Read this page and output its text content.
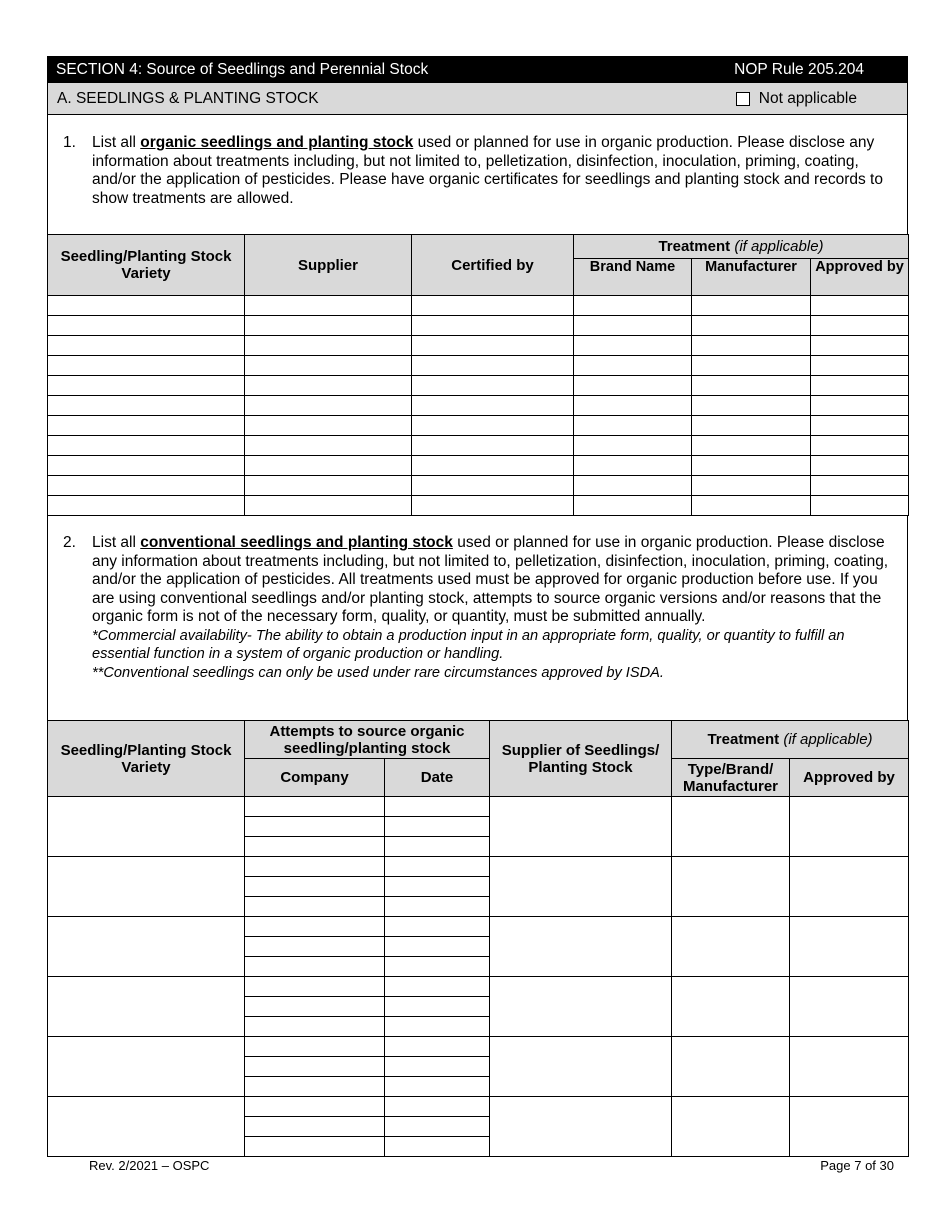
SECTION 4: Source of Seedlings and Perennial Stock	NOP Rule 205.204
A. SEEDLINGS & PLANTING STOCK	Not applicable
1. List all organic seedlings and planting stock used or planned for use in organic production. Please disclose any information about treatments including, but not limited to, pelletization, disinfection, inoculation, priming, coating, and/or the application of pesticides. Please have organic certificates for seedlings and planting stock and records to show treatments are allowed.
Seedling/Planting Stock Variety	Supplier	Certified by	Treatment (if applicable)		
			Brand Name	Manufacturer	Approved by

2. List all conventional seedlings and planting stock used or planned for use in organic production. Please disclose any information about treatments including, but not limited to, pelletization, disinfection, inoculation, priming, coating, and/or the application of pesticides. All treatments used must be approved for organic production before use. If you are using conventional seedlings and/or planting stock, attempts to source organic versions and/or reasons that the organic form is not of the necessary form, quality, or quantity, must be submitted annually.
*Commercial availability- The ability to obtain a production input in an appropriate form, quality, or quantity to fulfill an essential function in a system of organic production or handling.
**Conventional seedlings can only be used under rare circumstances approved by ISDA.
Seedling/Planting Stock Variety	Attempts to source organic seedling/planting stock		Supplier of Seedlings/ Planting Stock	Treatment (if applicable)	
	Company	Date		Type/Brand/ Manufacturer	Approved by

Rev. 2/2021 – OSPC	Page 7 of 30
